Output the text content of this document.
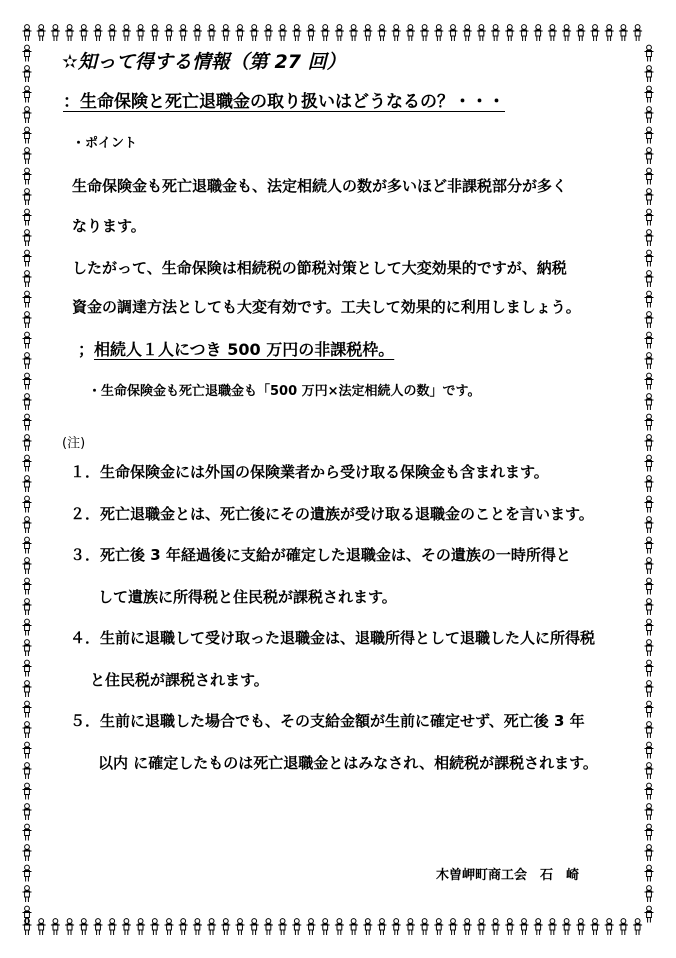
✫知って得する情報（第 27 回）
：生命保険と死亡退職金の取り扱いはどうなるの？・・・
・ポイント
生命保険金も死亡退職金も、法定相続人の数が多いほど非課税部分が多く
なります。
したがって、生命保険は相続税の節税対策として大変効果的ですが、納税
資金の調達方法としても大変有効です。工夫して効果的に利用しましょう。
； 相続人１人につき 500 万円の非課税枠。
・生命保険金も死亡退職金も「500 万円×法定相続人の数」です。
(注)
１．生命保険金には外国の保険業者から受け取る保険金も含まれます。
２．死亡退職金とは、死亡後にその遺族が受け取る退職金のことを言います。
３．死亡後 3 年経過後に支給が確定した退職金は、その遺族の一時所得と
して遺族に所得税と住民税が課税されます。
４．生前に退職して受け取った退職金は、退職所得として退職した人に所得税
と住民税が課税されます。
５．生前に退職した場合でも、その支給金額が生前に確定せず、死亡後 3 年
以内 に確定したものは死亡退職金とはみなされ、相続税が課税されます。
木曽岬町商工会　石　崎
